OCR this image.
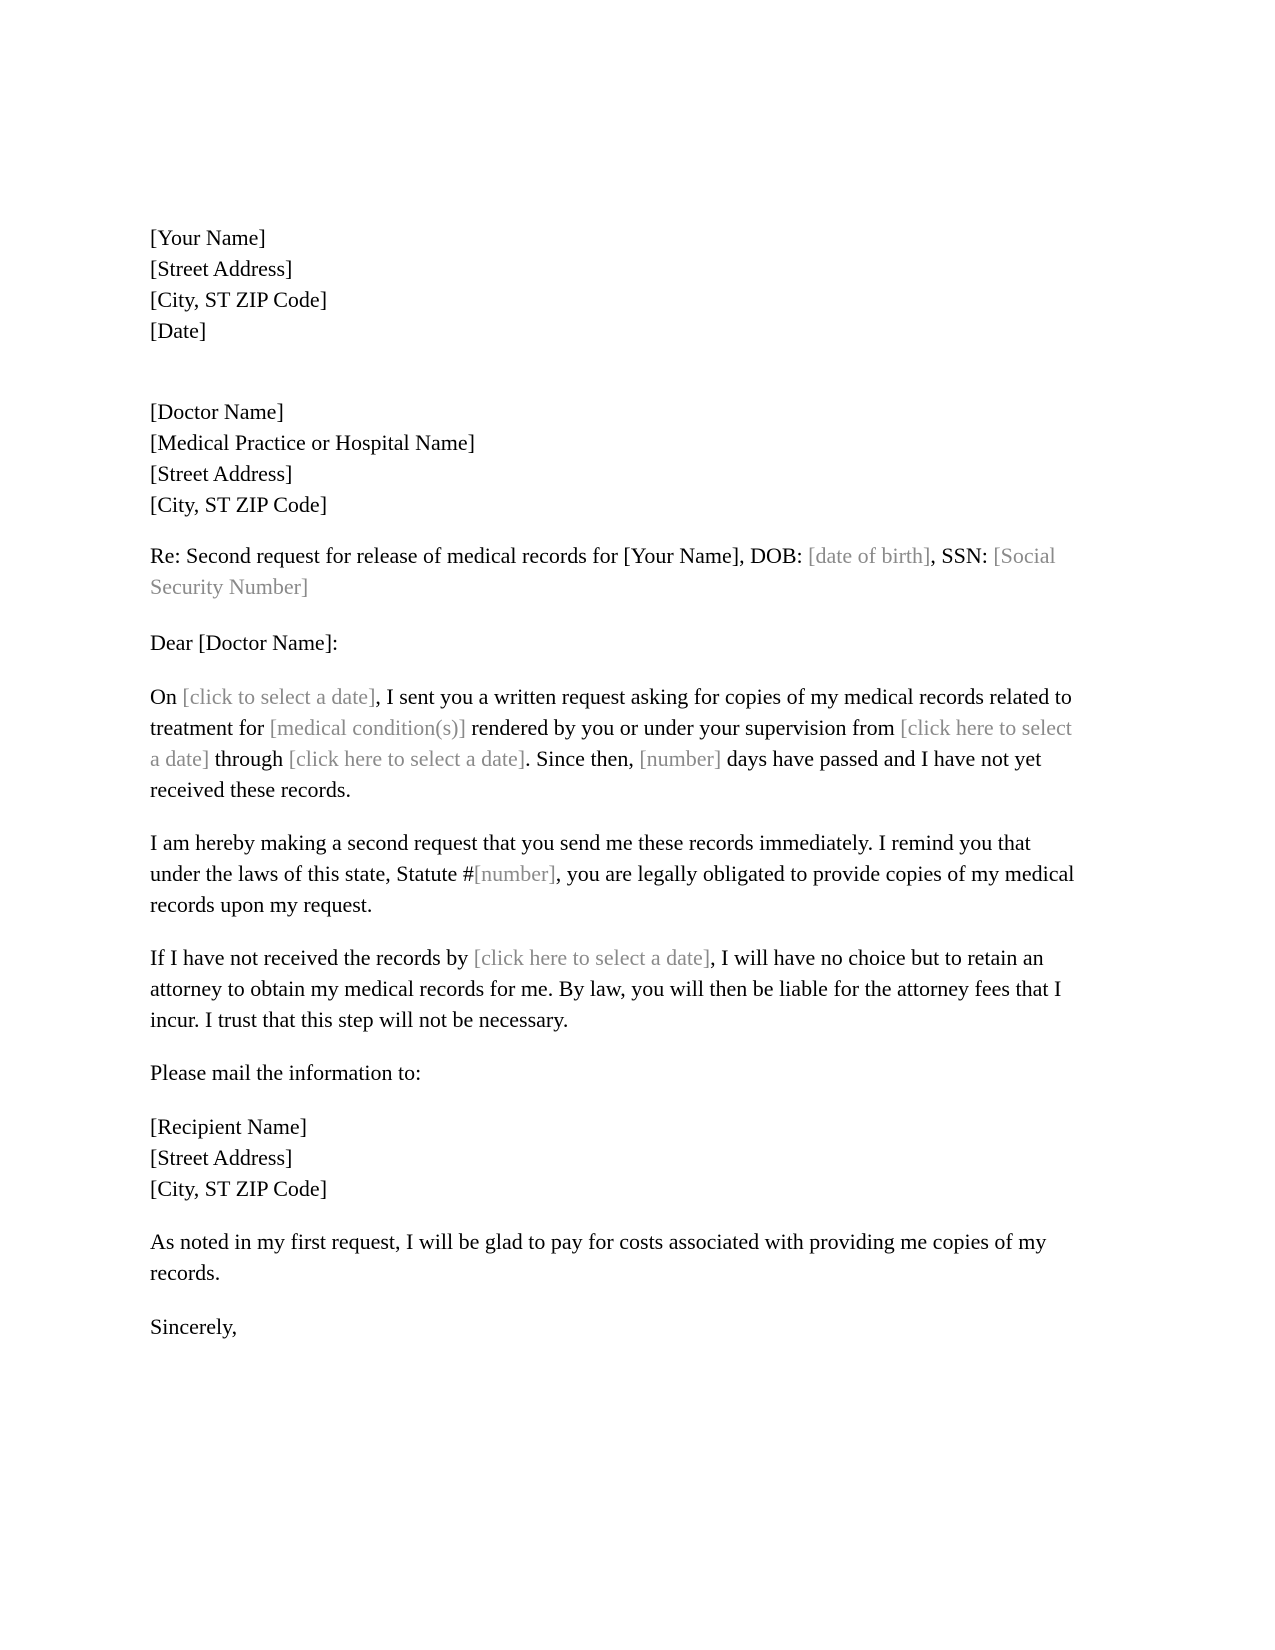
[Your Name]
[Street Address]
[City, ST ZIP Code]
[Date]
[Doctor Name]
[Medical Practice or Hospital Name]
[Street Address]
[City, ST ZIP Code]
Re: Second request for release of medical records for [Your Name], DOB: [date of birth], SSN: [Social
Security Number]
Dear [Doctor Name]:
On [click to select a date], I sent you a written request asking for copies of my medical records related to
treatment for [medical condition(s)] rendered by you or under your supervision from [click here to select
a date] through [click here to select a date]. Since then, [number] days have passed and I have not yet
received these records.
I am hereby making a second request that you send me these records immediately. I remind you that
under the laws of this state, Statute #[number], you are legally obligated to provide copies of my medical
records upon my request.
If I have not received the records by [click here to select a date], I will have no choice but to retain an
attorney to obtain my medical records for me. By law, you will then be liable for the attorney fees that I
incur. I trust that this step will not be necessary.
Please mail the information to:
[Recipient Name]
[Street Address]
[City, ST ZIP Code]
As noted in my first request, I will be glad to pay for costs associated with providing me copies of my
records.
Sincerely,
